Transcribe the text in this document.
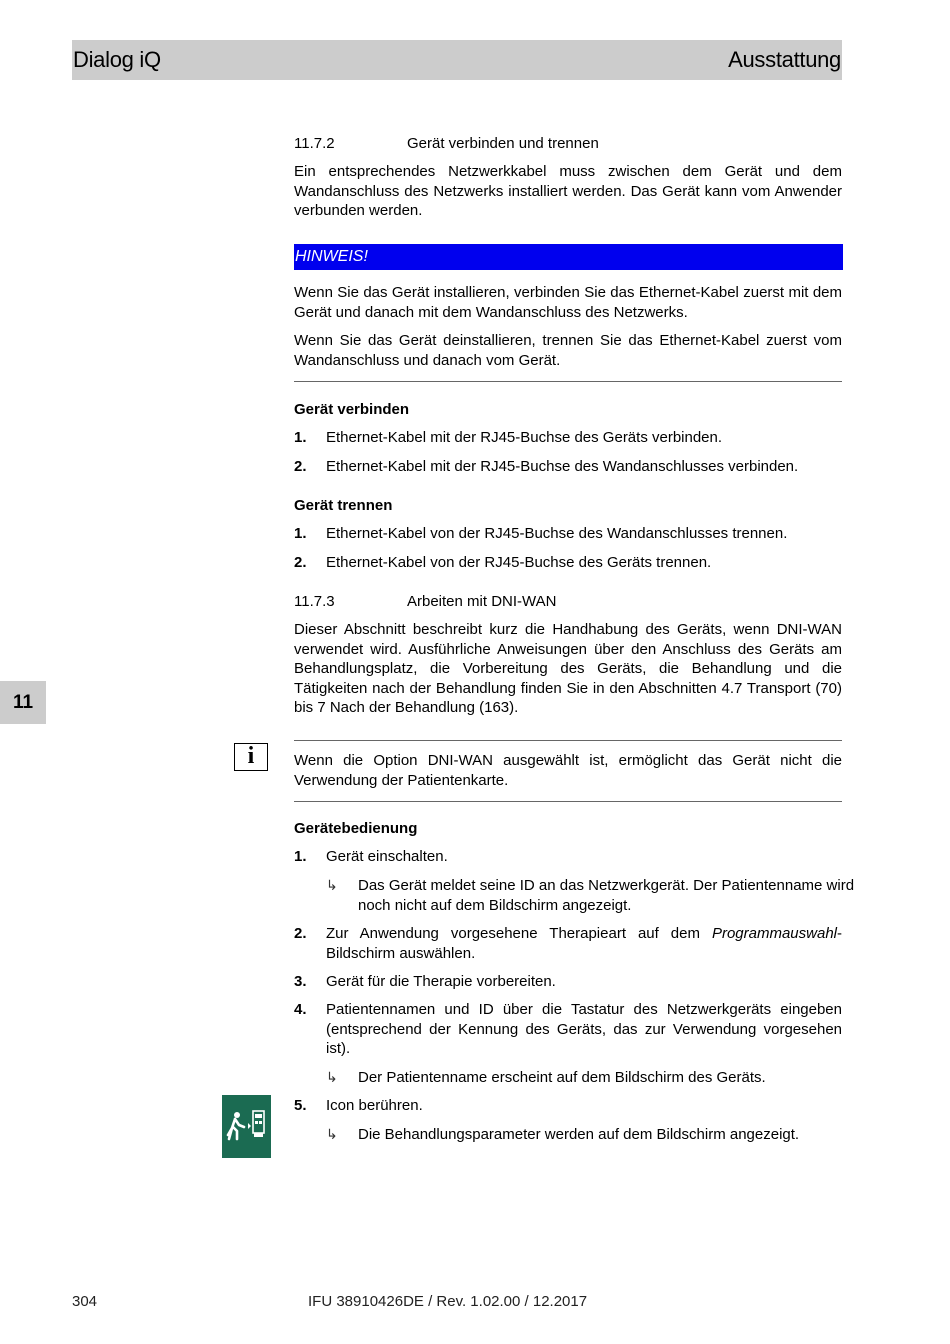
Dialog iQ	Ausstattung
11
i
11.7.2	Gerät verbinden und trennen

Ein entsprechendes Netzwerkkabel muss zwischen dem Gerät und dem Wandanschluss des Netzwerks installiert werden. Das Gerät kann vom Anwender verbunden werden.

HINWEIS!

Wenn Sie das Gerät installieren, verbinden Sie das Ethernet-Kabel zuerst mit dem Gerät und danach mit dem Wandanschluss des Netzwerks.

Wenn Sie das Gerät deinstallieren, trennen Sie das Ethernet-Kabel zuerst vom Wandanschluss und danach vom Gerät.

Gerät verbinden
1.	Ethernet-Kabel mit der RJ45-Buchse des Geräts verbinden.
2.	Ethernet-Kabel mit der RJ45-Buchse des Wandanschlusses verbinden.
Gerät trennen
1.	Ethernet-Kabel von der RJ45-Buchse des Wandanschlusses trennen.
2.	Ethernet-Kabel von der RJ45-Buchse des Geräts trennen.
11.7.3	Arbeiten mit DNI-WAN

Dieser Abschnitt beschreibt kurz die Handhabung des Geräts, wenn DNI-WAN verwendet wird. Ausführliche Anweisungen über den Anschluss des Geräts am Behandlungsplatz, die Vorbereitung des Geräts, die Behandlung und die Tätigkeiten nach der Behandlung finden Sie in den Abschnitten 4.7 Transport (70) bis 7 Nach der Behandlung (163).

Wenn die Option DNI-WAN ausgewählt ist, ermöglicht das Gerät nicht die Verwendung der Patientenkarte.

Gerätebedienung
1.	Gerät einschalten.
↳	Das Gerät meldet seine ID an das Netzwerkgerät. Der Patientenname wird noch nicht auf dem Bildschirm angezeigt.
2.	Zur Anwendung vorgesehene Therapieart auf dem Programmauswahl-Bildschirm auswählen.
3.	Gerät für die Therapie vorbereiten.
4.	Patientennamen und ID über die Tastatur des Netzwerkgeräts eingeben (entsprechend der Kennung des Geräts, das zur Verwendung vorgesehen ist).
↳	Der Patientenname erscheint auf dem Bildschirm des Geräts.
5.	Icon berühren.
↳	Die Behandlungsparameter werden auf dem Bildschirm angezeigt.
304	IFU 38910426DE / Rev. 1.02.00 / 12.2017
